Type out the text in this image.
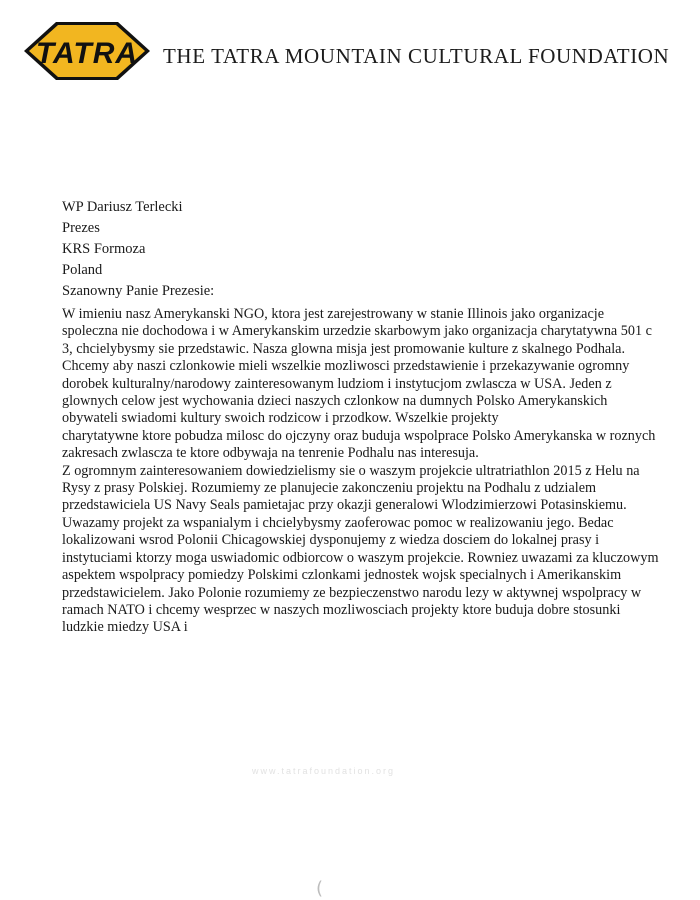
TATRA THE TATRA MOUNTAIN CULTURAL FOUNDATION
WP Dariusz Terlecki
Prezes
KRS Formoza
Poland
Szanowny Panie Prezesie:
W imieniu nasz Amerykanski NGO, ktora jest zarejestrowany w stanie Illinois jako organizacje
spoleczna nie dochodowa i w Amerykanskim urzedzie skarbowym jako organizacja charytatywna 501 c
3, chcielybysmy sie przedstawic. Nasza glowna misja jest promowanie kulture z skalnego Podhala.
Chcemy aby naszi czlonkowie mieli wszelkie mozliwosci przedstawienie i przekazywanie ogromny
dorobek kulturalny/narodowy zainteresowanym ludziom i instytucjom zwlascza w USA. Jeden z
glownych celow jest wychowania dzieci naszych czlonkow na dumnych Polsko Amerykanskich
obywateli swiadomi kultury swoich rodzicow i przodkow. Wszelkie projekty
charytatywne ktore pobudza milosc do ojczyny oraz buduja wspolprace Polsko Amerykanska w roznych
zakresach zwlascza te ktore odbywaja na tenrenie Podhalu nas interesuja.
Z ogromnym zainteresowaniem dowiedzielismy sie o waszym projekcie ultratriathlon 2015 z Helu na
Rysy z prasy Polskiej. Rozumiemy ze planujecie zakonczeniu projektu na Podhalu z udzialem
przedstawiciela US Navy Seals pamietajac przy okazji generalowi Wlodzimierzowi Potasinskiemu.
Uwazamy projekt za wspanialym i chcielybysmy zaoferowac pomoc w realizowaniu jego. Bedac
lokalizowani wsrod Polonii Chicagowskiej dysponujemy z wiedza dosciem do lokalnej prasy i
instytuciami ktorzy moga uswiadomic odbiorcow o waszym projekcie. Rowniez uwazami za kluczowym
aspektem wspolpracy pomiedzy Polskimi czlonkami jednostek wojsk specialnych i Amerikanskim
przedstawicielem. Jako Polonie rozumiemy ze bezpieczenstwo narodu lezy w aktywnej wspolpracy w
ramach NATO i chcemy wesprzec w naszych mozliwosciach projekty ktore buduja dobre stosunki
ludzkie miedzy USA i
www.tatrafoundation.org
(
